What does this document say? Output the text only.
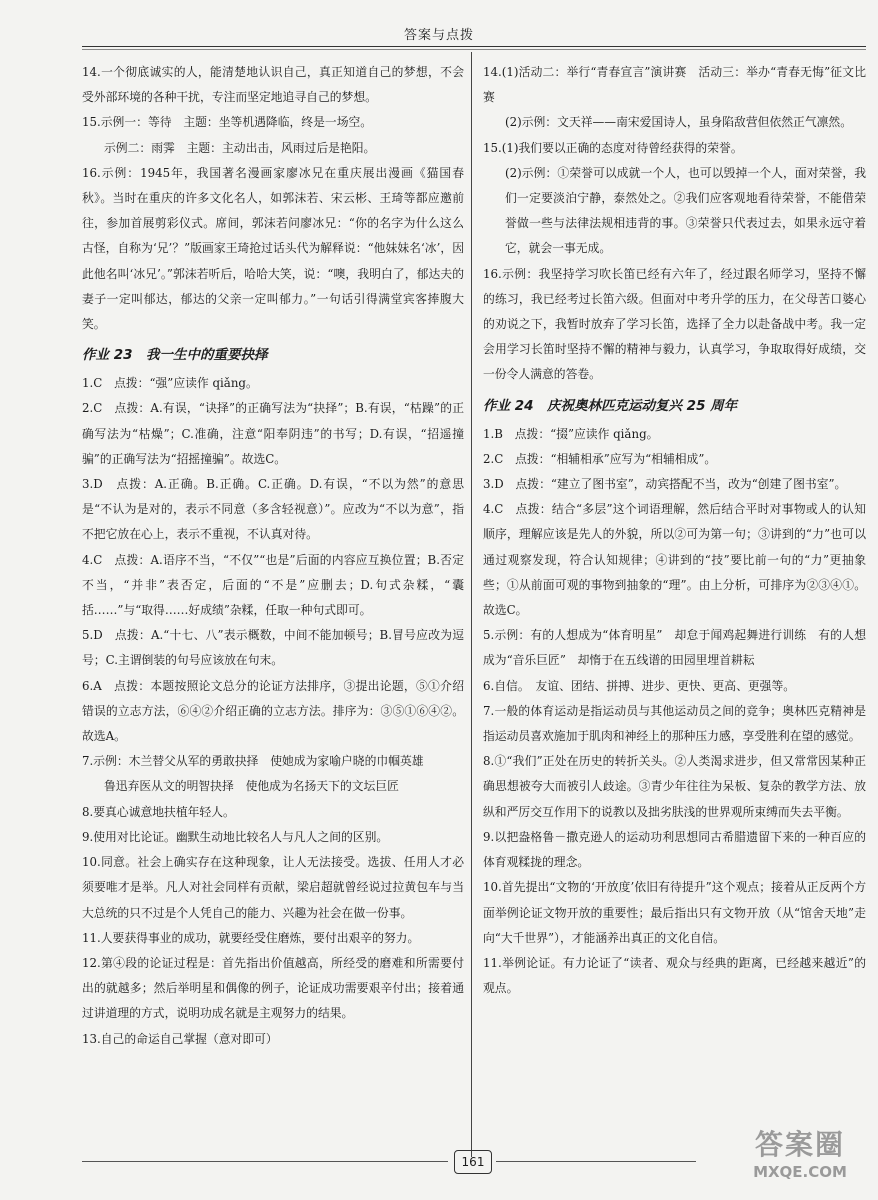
答案与点拨
14.一个彻底诚实的人，能清楚地认识自己，真正知道自己的梦想，不会受外部环境的各种干扰，专注而坚定地追寻自己的梦想。
15.示例一：等待　主题：坐等机遇降临，终是一场空。
示例二：雨霁　主题：主动出击，风雨过后是艳阳。
16.示例：1945年，我国著名漫画家廖冰兄在重庆展出漫画《猫国春秋》。当时在重庆的许多文化名人，如郭沫若、宋云彬、王琦等都应邀前往，参加首展剪彩仪式。席间，郭沫若问廖冰兄：“你的名字为什么这么古怪，自称为‘兄’？”版画家王琦抢过话头代为解释说：“他妹妹名‘冰’，因此他名叫‘冰兄’。”郭沫若听后，哈哈大笑，说：“噢，我明白了，郁达夫的妻子一定叫郁达，郁达的父亲一定叫郁力。”一句话引得满堂宾客捧腹大笑。
作业 23　我一生中的重要抉择
1.C　点拨：“强”应读作 qiǎng。
2.C　点拨：A.有误，“诀择”的正确写法为“抉择”；B.有误，“枯躁”的正确写法为“枯燥”；C.准确，注意“阳奉阴违”的书写；D.有误，“招遥撞骗”的正确写法为“招摇撞骗”。故选C。
3.D　点拨：A.正确。B.正确。C.正确。D.有误，“不以为然”的意思是“不认为是对的，表示不同意（多含轻视意）”。应改为“不以为意”，指不把它放在心上，表示不重视，不认真对待。
4.C　点拨：A.语序不当，“不仅”“也是”后面的内容应互换位置；B.否定不当，“并非”表否定，后面的“不是”应删去；D.句式杂糅，“囊括……”与“取得……好成绩”杂糅，任取一种句式即可。
5.D　点拨：A.“十七、八”表示概数，中间不能加顿号；B.冒号应改为逗号；C.主谓倒装的句号应该放在句末。
6.A　点拨：本题按照论文总分的论证方法排序，③提出论题，⑤①介绍错误的立志方法，⑥④②介绍正确的立志方法。排序为：③⑤①⑥④②。故选A。
7.示例：木兰替父从军的勇敢抉择　使她成为家喻户晓的巾帼英雄
鲁迅弃医从文的明智抉择　使他成为名扬天下的文坛巨匠
8.要真心诚意地扶植年轻人。
9.使用对比论证。幽默生动地比较名人与凡人之间的区别。
10.同意。社会上确实存在这种现象，让人无法接受。选拔、任用人才必须要唯才是举。凡人对社会同样有贡献，梁启超就曾经说过拉黄包车与当大总统的只不过是个人凭自己的能力、兴趣为社会在做一份事。
11.人要获得事业的成功，就要经受住磨炼，要付出艰辛的努力。
12.第④段的论证过程是：首先指出价值越高，所经受的磨难和所需要付出的就越多；然后举明星和偶像的例子，论证成功需要艰辛付出；接着通过讲道理的方式，说明功成名就是主观努力的结果。
13.自己的命运自己掌握（意对即可）
14.(1)活动二：举行“青春宣言”演讲赛　活动三：举办“青春无悔”征文比赛
(2)示例：文天祥——南宋爱国诗人，虽身陷敌营但依然正气凛然。
15.(1)我们要以正确的态度对待曾经获得的荣誉。
(2)示例：①荣誉可以成就一个人，也可以毁掉一个人，面对荣誉，我们一定要淡泊宁静，泰然处之。②我们应客观地看待荣誉，不能借荣誉做一些与法律法规相违背的事。③荣誉只代表过去，如果永远守着它，就会一事无成。
16.示例：我坚持学习吹长笛已经有六年了，经过跟名师学习，坚持不懈的练习，我已经考过长笛六级。但面对中考升学的压力，在父母苦口婆心的劝说之下，我暂时放弃了学习长笛，选择了全力以赴备战中考。我一定会用学习长笛时坚持不懈的精神与毅力，认真学习，争取取得好成绩，交一份令人满意的答卷。
作业 24　庆祝奥林匹克运动复兴 25 周年
1.B　点拨：“掇”应读作 qiǎng。
2.C　点拨：“相辅相承”应写为“相辅相成”。
3.D　点拨：“建立了图书室”，动宾搭配不当，改为“创建了图书室”。
4.C　点拨：结合“多层”这个词语理解，然后结合平时对事物或人的认知顺序，理解应该是先人的外貌，所以②可为第一句；③讲到的“力”也可以通过观察发现，符合认知规律；④讲到的“技”要比前一句的“力”更抽象些；①从前面可观的事物到抽象的“理”。由上分析，可排序为②③④①。故选C。
5.示例：有的人想成为“体育明星”　却怠于闻鸡起舞进行训练　有的人想成为“音乐巨匠”　却惰于在五线谱的田园里埋首耕耘
6.自信。　友谊、团结、拼搏、进步、更快、更高、更强等。
7.一般的体育运动是指运动员与其他运动员之间的竞争；奥林匹克精神是指运动员喜欢施加于肌肉和神经上的那种压力感，享受胜利在望的感觉。
8.①“我们”正处在历史的转折关头。②人类渴求进步，但又常常因某种正确思想被夸大而被引人歧途。③青少年往往为呆板、复杂的教学方法、放纵和严厉交互作用下的说教以及拙劣肤浅的世界观所束缚而失去平衡。
9.以把盎格鲁－撒克逊人的运动功利思想同古希腊遗留下来的一种百应的体育观糅拢的理念。
10.首先提出“文物的‘开放度’依旧有待提升”这个观点；接着从正反两个方面举例论证文物开放的重要性；最后指出只有文物开放（从“馆舍天地”走向“大千世界”），才能涵养出真正的文化自信。
11.举例论证。有力论证了“读者、观众与经典的距离，已经越来越近”的观点。
161
答案圈
MXQE.COM
